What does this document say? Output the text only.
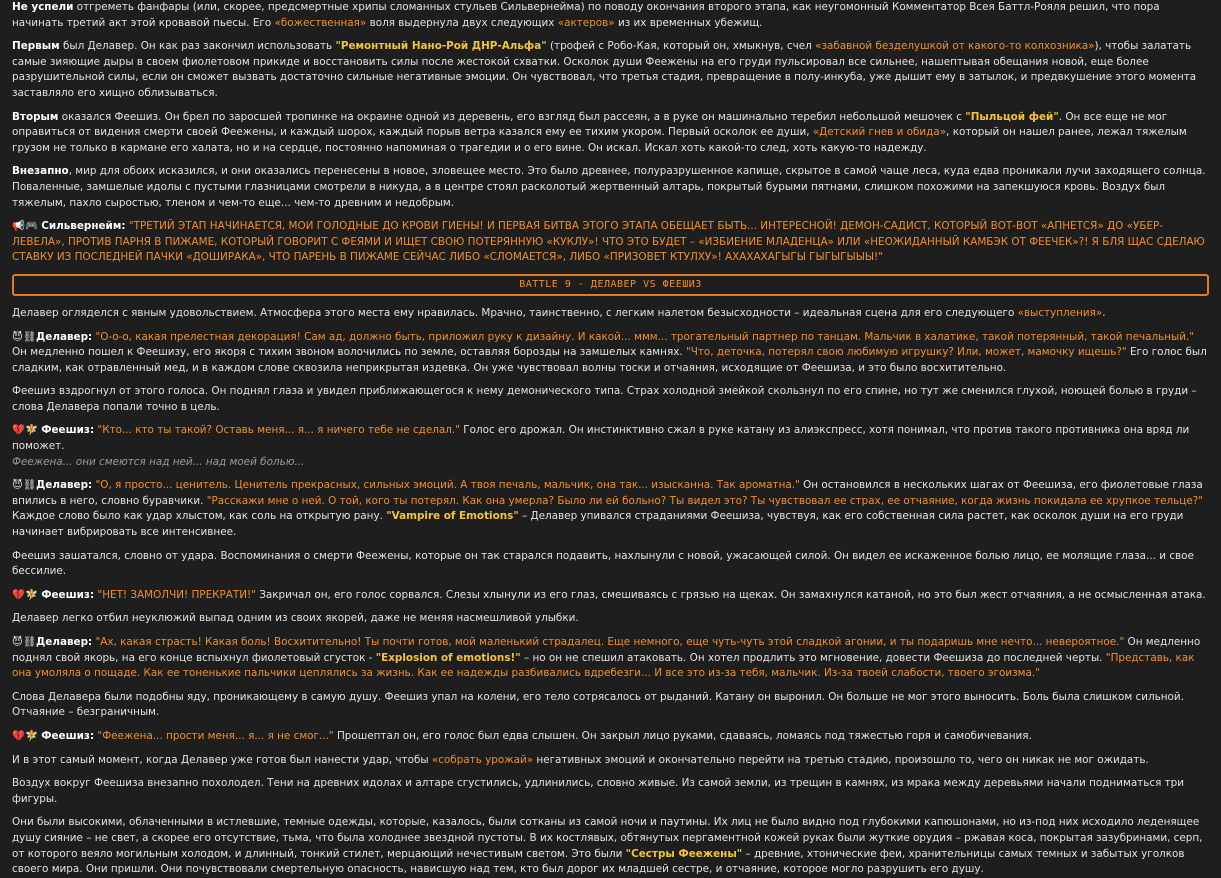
Не успели отгреметь фанфары (или, скорее, предсмертные хрипы сломанных стульев Сильвернейма) по поводу окончания второго этапа, как неугомонный Комментатор Всея Баттл-Рояля решил, что пора начинать третий акт этой кровавой пьесы. Его «божественная» воля выдернула двух следующих «актеров» из их временных убежищ.

Первым был Делавер. Он как раз закончил использовать "Ремонтный Нано-Рой ДНР-Альфа" (трофей с Робо-Кая, который он, хмыкнув, счел «забавной безделушкой от какого-то колхозника»), чтобы залатать самые зияющие дыры в своем фиолетовом прикиде и восстановить силы после жестокой схватки. Осколок души Феежены на его груди пульсировал все сильнее, нашептывая обещания новой, еще более разрушительной силы, если он сможет вызвать достаточно сильные негативные эмоции. Он чувствовал, что третья стадия, превращение в полу-инкуба, уже дышит ему в затылок, и предвкушение этого момента заставляло его хищно облизываться.

Вторым оказался Феешиз. Он брел по заросшей тропинке на окраине одной из деревень, его взгляд был рассеян, а в руке он машинально теребил небольшой мешочек с "Пыльцой фей". Он все еще не мог оправиться от видения смерти своей Феежены, и каждый шорох, каждый порыв ветра казался ему ее тихим укором. Первый осколок ее души, «Детский гнев и обида», который он нашел ранее, лежал тяжелым грузом не только в кармане его халата, но и на сердце, постоянно напоминая о трагедии и о его вине. Он искал. Искал хоть какой-то след, хоть какую-то надежду.

Внезапно, мир для обоих исказился, и они оказались перенесены в новое, зловещее место. Это было древнее, полуразрушенное капище, скрытое в самой чаще леса, куда едва проникали лучи заходящего солнца. Поваленные, замшелые идолы с пустыми глазницами смотрели в никуда, а в центре стоял расколотый жертвенный алтарь, покрытый бурыми пятнами, слишком похожими на запекшуюся кровь. Воздух был тяжелым, пахло сыростью, тленом и чем-то еще... чем-то древним и недобрым.

📢🎮 Сильвернейм: "ТРЕТИЙ ЭТАП НАЧИНАЕТСЯ, МОИ ГОЛОДНЫЕ ДО КРОВИ ГИЕНЫ! И ПЕРВАЯ БИТВА ЭТОГО ЭТАПА ОБЕЩАЕТ БЫТЬ... ИНТЕРЕСНОЙ! ДЕМОН-САДИСТ, КОТОРЫЙ ВОТ-ВОТ «АПНЕТСЯ» ДО «УБЕР-ЛЕВЕЛА», ПРОТИВ ПАРНЯ В ПИЖАМЕ, КОТОРЫЙ ГОВОРИТ С ФЕЯМИ И ИЩЕТ СВОЮ ПОТЕРЯННУЮ «КУКЛУ»! ЧТО ЭТО БУДЕТ – «ИЗБИЕНИЕ МЛАДЕНЦА» ИЛИ «НЕОЖИДАННЫЙ КАМБЭК ОТ ФЕЕЧЕК»?! Я БЛЯ ЩАС СДЕЛАЮ СТАВКУ ИЗ ПОСЛЕДНЕЙ ПАЧКИ «ДОШИРАКА», ЧТО ПАРЕНЬ В ПИЖАМЕ СЕЙЧАС ЛИБО «СЛОМАЕТСЯ», ЛИБО «ПРИЗОВЕТ КТУЛХУ»! АХАХАХАГЫГЫ ГЫГЫГЫЫЫ!"

BATTLE 9 - ДЕЛАВЕР VS ФЕЕШИЗ

Делавер огляделся с явным удовольствием. Атмосфера этого места ему нравилась. Мрачно, таинственно, с легким налетом безысходности – идеальная сцена для его следующего «выступления».

😈⛓Делавер: "О-о-о, какая прелестная декорация! Сам ад, должно быть, приложил руку к дизайну. И какой... ммм... трогательный партнер по танцам. Мальчик в халатике, такой потерянный, такой печальный." Он медленно пошел к Феешизу, его якоря с тихим звоном волочились по земле, оставляя борозды на замшелых камнях. "Что, деточка, потерял свою любимую игрушку? Или, может, мамочку ищешь?" Его голос был сладким, как отравленный мед, и в каждом слове сквозила неприкрытая издевка. Он уже чувствовал волны тоски и отчаяния, исходящие от Феешиза, и это было восхитительно.

Феешиз вздрогнул от этого голоса. Он поднял глаза и увидел приближающегося к нему демонического типа. Страх холодной змейкой скользнул по его спине, но тут же сменился глухой, ноющей болью в груди – слова Делавера попали точно в цель.

💔🧚 Феешиз: "Кто... кто ты такой? Оставь меня... я... я ничего тебе не сделал." Голос его дрожал. Он инстинктивно сжал в руке катану из алиэкспресс, хотя понимал, что против такого противника она вряд ли поможет.
Феежена... они смеются над ней... над моей болью...

😈⛓Делавер: "О, я просто... ценитель. Ценитель прекрасных, сильных эмоций. А твоя печаль, мальчик, она так... изысканна. Так ароматна." Он остановился в нескольких шагах от Феешиза, его фиолетовые глаза впились в него, словно буравчики. "Расскажи мне о ней. О той, кого ты потерял. Как она умерла? Было ли ей больно? Ты видел это? Ты чувствовал ее страх, ее отчаяние, когда жизнь покидала ее хрупкое тельце?" Каждое слово было как удар хлыстом, как соль на открытую рану. "Vampire of Emotions" – Делавер упивался страданиями Феешиза, чувствуя, как его собственная сила растет, как осколок души на его груди начинает вибрировать все интенсивнее.

Феешиз зашатался, словно от удара. Воспоминания о смерти Феежены, которые он так старался подавить, нахлынули с новой, ужасающей силой. Он видел ее искаженное болью лицо, ее молящие глаза... и свое бессилие.

💔🧚 Феешиз: "НЕТ! ЗАМОЛЧИ! ПРЕКРАТИ!" Закричал он, его голос сорвался. Слезы хлынули из его глаз, смешиваясь с грязью на щеках. Он замахнулся катаной, но это был жест отчаяния, а не осмысленная атака.

Делавер легко отбил неуклюжий выпад одним из своих якорей, даже не меняя насмешливой улыбки.

😈⛓Делавер: "Ах, какая страсть! Какая боль! Восхитительно! Ты почти готов, мой маленький страдалец. Еще немного, еще чуть-чуть этой сладкой агонии, и ты подаришь мне нечто... невероятное." Он медленно поднял свой якорь, на его конце вспыхнул фиолетовый сгусток - "Explosion of emotions!" – но он не спешил атаковать. Он хотел продлить это мгновение, довести Феешиза до последней черты. "Представь, как она умоляла о пощаде. Как ее тоненькие пальчики цеплялись за жизнь. Как ее надежды разбивались вдребезги... И все это из-за тебя, мальчик. Из-за твоей слабости, твоего эгоизма."

Слова Делавера были подобны яду, проникающему в самую душу. Феешиз упал на колени, его тело сотрясалось от рыданий. Катану он выронил. Он больше не мог этого выносить. Боль была слишком сильной. Отчаяние – безграничным.

💔🧚 Феешиз: "Феежена... прости меня... я... я не смог..." Прошептал он, его голос был едва слышен. Он закрыл лицо руками, сдаваясь, ломаясь под тяжестью горя и самобичевания.

И в этот самый момент, когда Делавер уже готов был нанести удар, чтобы «собрать урожай» негативных эмоций и окончательно перейти на третью стадию, произошло то, чего он никак не мог ожидать.

Воздух вокруг Феешиза внезапно похолодел. Тени на древних идолах и алтаре сгустились, удлинились, словно живые. Из самой земли, из трещин в камнях, из мрака между деревьями начали подниматься три фигуры.

Они были высокими, облаченными в истлевшие, темные одежды, которые, казалось, были сотканы из самой ночи и паутины. Их лиц не было видно под глубокими капюшонами, но из-под них исходило леденящее душу сияние – не свет, а скорее его отсутствие, тьма, что была холоднее звездной пустоты. В их костлявых, обтянутых пергаментной кожей руках были жуткие орудия – ржавая коса, покрытая зазубринами, серп, от которого веяло могильным холодом, и длинный, тонкий стилет, мерцающий нечестивым светом. Это были "Сестры Феежены" – древние, хтонические феи, хранительницы самых темных и забытых уголков своего мира. Они пришли. Они почувствовали смертельную опасность, нависшую над тем, кто был дорог их младшей сестре, и отчаяние, которое могло разрушить его душу.
